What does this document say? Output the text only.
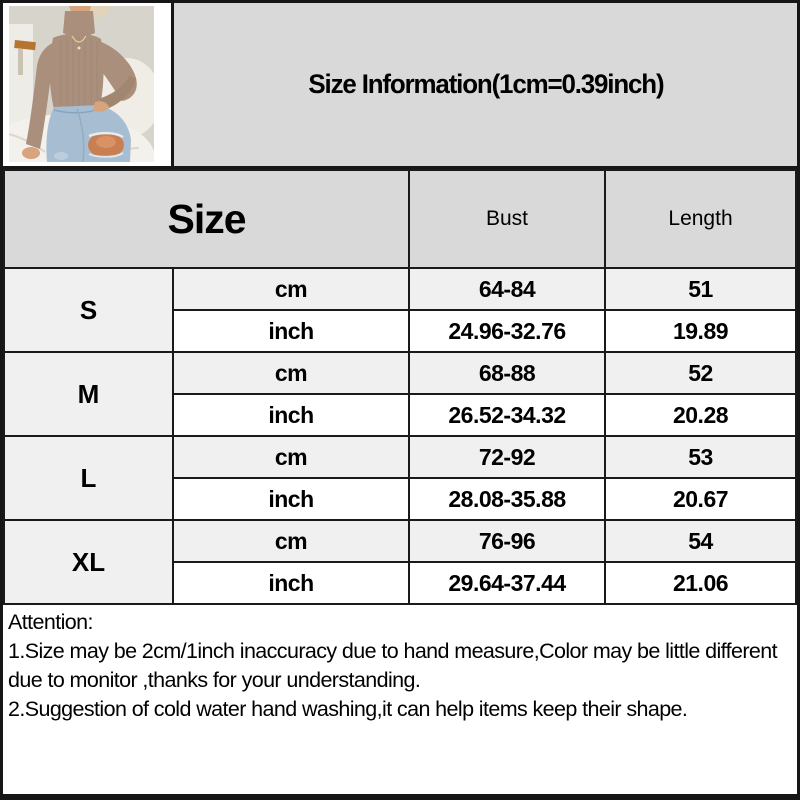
Size Information(1cm=0.39inch)
Size		Bust	Length
S	cm	64-84	51
	inch	24.96-32.76	19.89
M	cm	68-88	52
	inch	26.52-34.32	20.28
L	cm	72-92	53
	inch	28.08-35.88	20.67
XL	cm	76-96	54
	inch	29.64-37.44	21.06

Attention:

1.Size may be 2cm/1inch inaccuracy due to hand measure,Color may be little different due to monitor ,thanks for your understanding.

2.Suggestion of cold water hand washing,it can help items keep their shape.
